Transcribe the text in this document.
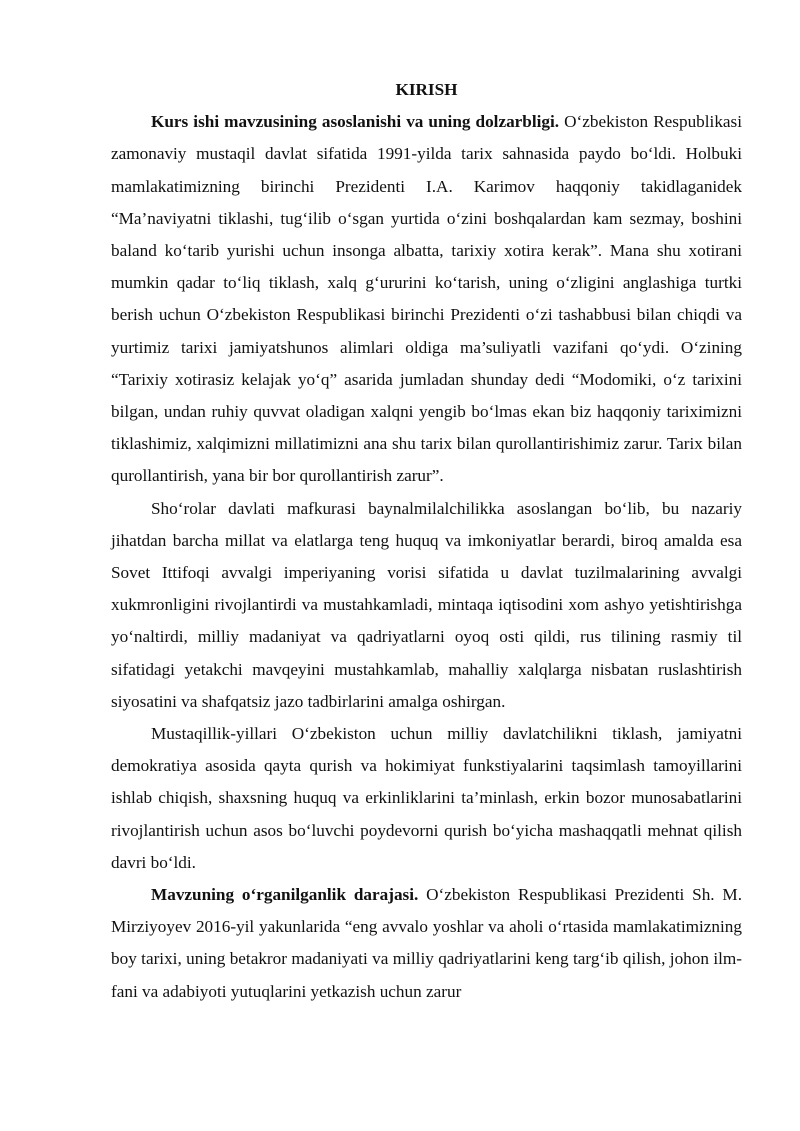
KIRISH

Kurs ishi mavzusining asoslanishi va uning dolzarbligi. O‘zbekiston Respublikasi zamonaviy mustaqil davlat sifatida 1991-yilda tarix sahnasida paydo bo‘ldi. Holbuki mamlakatimizning birinchi Prezidenti I.A. Karimov haqqoniy takidlaganidek “Ma’naviyatni tiklashi, tug‘ilib o‘sgan yurtida o‘zini boshqalardan kam sezmay, boshini baland ko‘tarib yurishi uchun insonga albatta, tarixiy xotira kerak”. Mana shu xotirani mumkin qadar to‘liq tiklash, xalq g‘ururini ko‘tarish, uning o‘zligini anglashiga turtki berish uchun O‘zbekiston Respublikasi birinchi Prezidenti o‘zi tashabbusi bilan chiqdi va yurtimiz tarixi jamiyatshunos alimlari oldiga ma’suliyatli vazifani qo‘ydi. O‘zining “Tarixiy xotirasiz kelajak yo‘q” asarida jumladan shunday dedi “Modomiki, o‘z tarixini bilgan, undan ruhiy quvvat oladigan xalqni yengib bo‘lmas ekan biz haqqoniy tariximizni tiklashimiz, xalqimizni millatimizni ana shu tarix bilan qurollantirishimiz zarur. Tarix bilan qurollantirish, yana bir bor qurollantirish zarur”.

Sho‘rolar davlati mafkurasi baynalmilalchilikka asoslangan bo‘lib, bu nazariy jihatdan barcha millat va elatlarga teng huquq va imkoniyatlar berardi, biroq amalda esa Sovet Ittifoqi avvalgi imperiyaning vorisi sifatida u davlat tuzilmalarining avvalgi xukmronligini rivojlantirdi va mustahkamladi, mintaqa iqtisodini xom ashyo yetishtirishga yo‘naltirdi, milliy madaniyat va qadriyatlarni oyoq osti qildi, rus tilining rasmiy til sifatidagi yetakchi mavqeyini mustahkamlab, mahalliy xalqlarga nisbatan ruslashtirish siyosatini va shafqatsiz jazo tadbirlarini amalga oshirgan.

Mustaqillik-yillari O‘zbekiston uchun milliy davlatchilikni tiklash, jamiyatni demokratiya asosida qayta qurish va hokimiyat funkstiyalarini taqsimlash tamoyillarini ishlab chiqish, shaxsning huquq va erkinliklarini ta’minlash, erkin bozor munosabatlarini rivojlantirish uchun asos bo‘luvchi poydevorni qurish bo‘yicha mashaqqatli mehnat qilish davri bo‘ldi.

Mavzuning o‘rganilganlik darajasi. O‘zbekiston Respublikasi Prezidenti Sh. M. Mirziyoyev 2016-yil yakunlarida “eng avvalo yoshlar va aholi o‘rtasida mamlakatimizning boy tarixi, uning betakror madaniyati va milliy qadriyatlarini keng targ‘ib qilish, johon ilm-fani va adabiyoti yutuqlarini yetkazish uchun zarur
